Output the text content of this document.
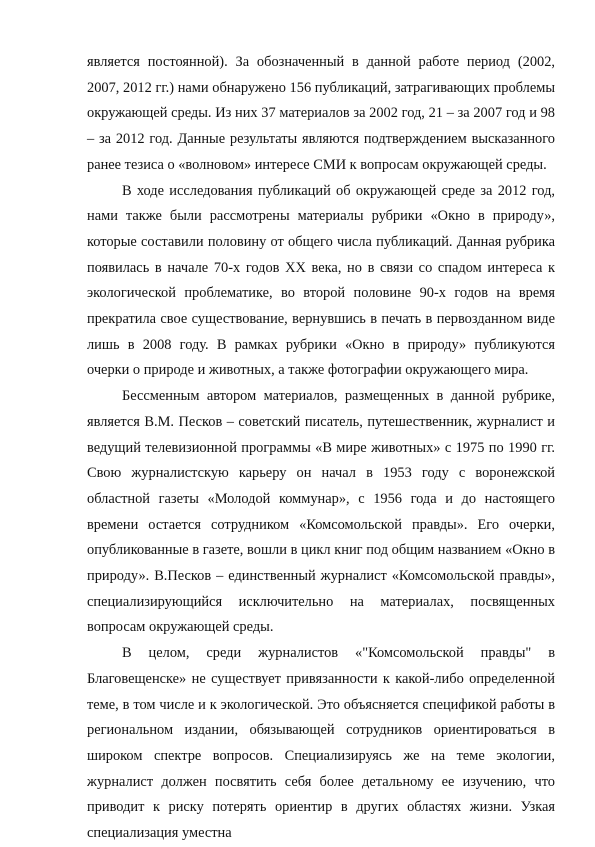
является постоянной). За обозначенный в данной работе период (2002, 2007, 2012 гг.) нами обнаружено 156 публикаций, затрагивающих проблемы окружающей среды. Из них 37 материалов за 2002 год, 21 – за 2007 год и 98 – за 2012 год. Данные результаты являются подтверждением высказанного ранее тезиса о «волновом» интересе СМИ к вопросам окружающей среды.

В ходе исследования публикаций об окружающей среде за 2012 год, нами также были рассмотрены материалы рубрики «Окно в природу», которые составили половину от общего числа публикаций. Данная рубрика появилась в начале 70-х годов XX века, но в связи со спадом интереса к экологической проблематике, во второй половине 90-х годов на время прекратила свое существование, вернувшись в печать в первозданном виде лишь в 2008 году. В рамках рубрики «Окно в природу» публикуются очерки о природе и животных, а также фотографии окружающего мира.

Бессменным автором материалов, размещенных в данной рубрике, является В.М. Песков – советский писатель, путешественник, журналист и ведущий телевизионной программы «В мире животных» с 1975 по 1990 гг. Свою журналистскую карьеру он начал в 1953 году с воронежской областной газеты «Молодой коммунар», с 1956 года и до настоящего времени остается сотрудником «Комсомольской правды». Его очерки, опубликованные в газете, вошли в цикл книг под общим названием «Окно в природу». В.Песков – единственный журналист «Комсомольской правды», специализирующийся исключительно на материалах, посвященных вопросам окружающей среды.

В целом, среди журналистов «"Комсомольской правды" в Благовещенске» не существует привязанности к какой-либо определенной теме, в том числе и к экологической. Это объясняется спецификой работы в региональном издании, обязывающей сотрудников ориентироваться в широком спектре вопросов. Специализируясь же на теме экологии, журналист должен посвятить себя более детальному ее изучению, что приводит к риску потерять ориентир в других областях жизни. Узкая специализация уместна
